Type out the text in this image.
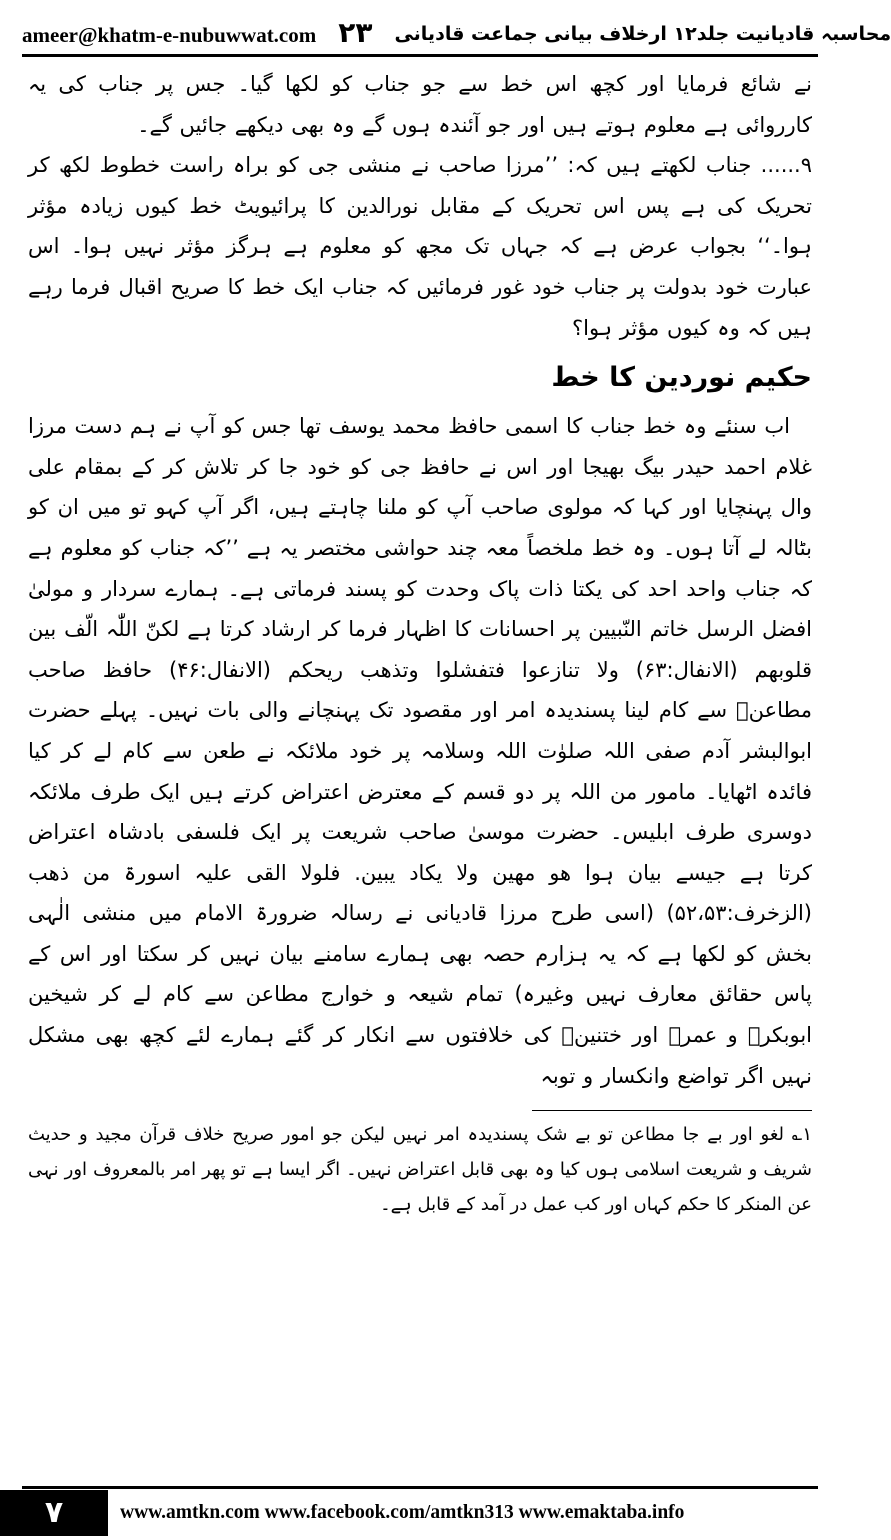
ameer@khatm-e-nubuwwat.com ۲۳ محاسبہ قادیانیت جلد۱۲ ارخلاف بیانی جماعت قادیانی

نے شائع فرمایا اور کچھ اس خط سے جو جناب کو لکھا گیا۔ جس پر جناب کی یہ کارروائی ہے معلوم ہوتے ہیں اور جو آئندہ ہوں گے وہ بھی دیکھے جائیں گے۔

۹...... جناب لکھتے ہیں کہ: ’’مرزا صاحب نے منشی جی کو براہ راست خطوط لکھ کر تحریک کی ہے پس اس تحریک کے مقابل نورالدین کا پرائیویٹ خط کیوں زیادہ مؤثر ہوا۔‘‘ بجواب عرض ہے کہ جہاں تک مجھ کو معلوم ہے ہرگز مؤثر نہیں ہوا۔ اس عبارت خود بدولت پر جناب خود غور فرمائیں کہ جناب ایک خط کا صریح اقبال فرما رہے ہیں کہ وہ کیوں مؤثر ہوا؟

حکیم نوردین کا خط

اب سنئے وہ خط جناب کا اسمی حافظ محمد یوسف تھا جس کو آپ نے ہم دست مرزا غلام احمد حیدر بیگ بھیجا اور اس نے حافظ جی کو خود جا کر تلاش کر کے بمقام علی وال پہنچایا اور کہا کہ مولوی صاحب آپ کو ملنا چاہتے ہیں، اگر آپ کہو تو میں ان کو بٹالہ لے آتا ہوں۔ وہ خط ملخصاً معہ چند حواشی مختصر یہ ہے ’’کہ جناب کو معلوم ہے کہ جناب واحد احد کی یکتا ذات پاک وحدت کو پسند فرماتی ہے۔ ہمارے سردار و مولیٰ افضل الرسل خاتم النّبیین پر احسانات کا اظہار فرما کر ارشاد کرتا ہے لکنّ اللّٰہ الّف بین قلوبھم (الانفال:۶۳) ولا تنازعوا فتفشلوا وتذھب ریحکم (الانفال:۴۶) حافظ صاحب مطاعنؔ سے کام لینا پسندیدہ امر اور مقصود تک پہنچانے والی بات نہیں۔ پہلے حضرت ابوالبشر آدم صفی اللہ صلوٰت اللہ وسلامہ پر خود ملائکہ نے طعن سے کام لے کر کیا فائدہ اٹھایا۔ مامور من اللہ پر دو قسم کے معترض اعتراض کرتے ہیں ایک طرف ملائکہ دوسری طرف ابلیس۔ حضرت موسیٰ صاحب شریعت پر ایک فلسفی بادشاہ اعتراض کرتا ہے جیسے بیان ہوا ھو مھین ولا یکاد یبین. فلولا القی علیہ اسورۃ من ذھب (الزخرف:۵۲،۵۳) (اسی طرح مرزا قادیانی نے رسالہ ضرورۃ الامام میں منشی الٰہی بخش کو لکھا ہے کہ یہ ہزارم حصہ بھی ہمارے سامنے بیان نہیں کر سکتا اور اس کے پاس حقائق معارف نہیں وغیرہ) تمام شیعہ و خوارج مطاعن سے کام لے کر شیخین ابوبکرؓ و عمرؓ اور ختنینؓ کی خلافتوں سے انکار کر گئے ہمارے لئے کچھ بھی مشکل نہیں اگر تواضع وانکسار و توبہ

۱؎ لغو اور بے جا مطاعن تو بے شک پسندیدہ امر نہیں لیکن جو امور صریح خلاف قرآن مجید و حدیث شریف و شریعت اسلامی ہوں کیا وہ بھی قابل اعتراض نہیں۔ اگر ایسا ہے تو پھر امر بالمعروف اور نہی عن المنکر کا حکم کہاں اور کب عمل در آمد کے قابل ہے۔

۷	www.amtkn.com www.facebook.com/amtkn313 www.emaktaba.info
